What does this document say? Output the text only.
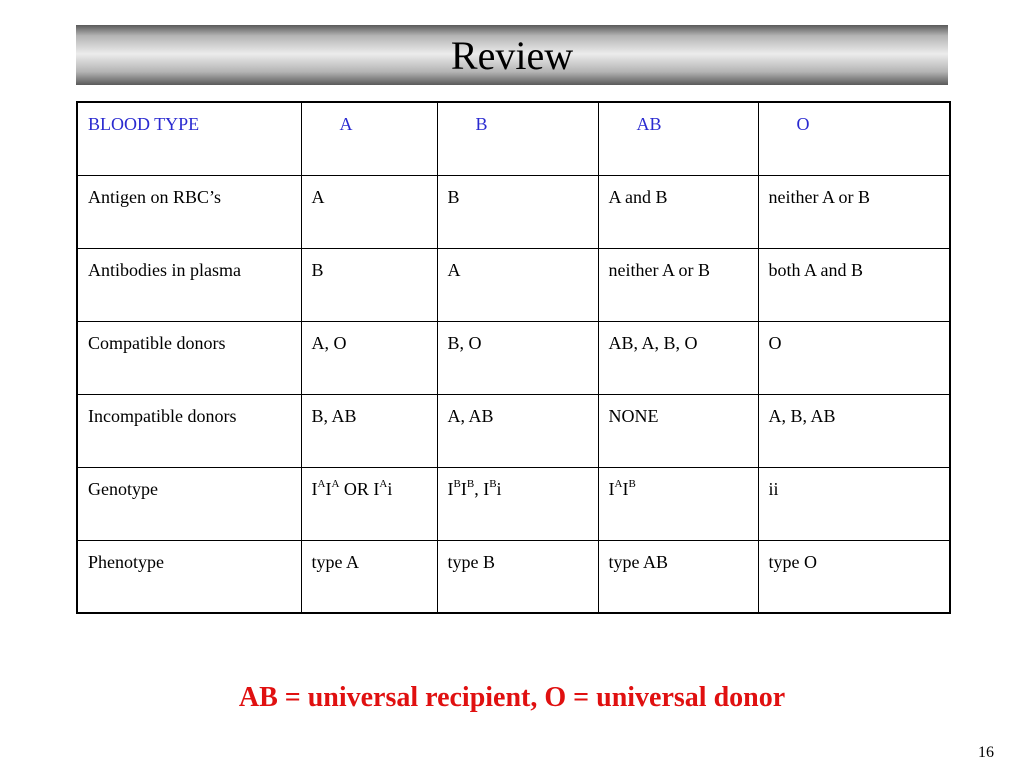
Review
BLOOD TYPE	A	B	AB	O
Antigen on RBC’s	A	B	A and B	neither A or B
Antibodies in plasma	B	A	neither A or B	both A and B
Compatible donors	A, O	B, O	AB, A, B, O	O
Incompatible donors	B, AB	A, AB	NONE	A, B, AB
Genotype	$I^AI^A$ OR $I^Ai$	$I^BI^B$, $I^Bi$	$I^AI^B$	ii
Phenotype	type A	type B	type AB	type O
AB = universal recipient, O = universal donor
16
